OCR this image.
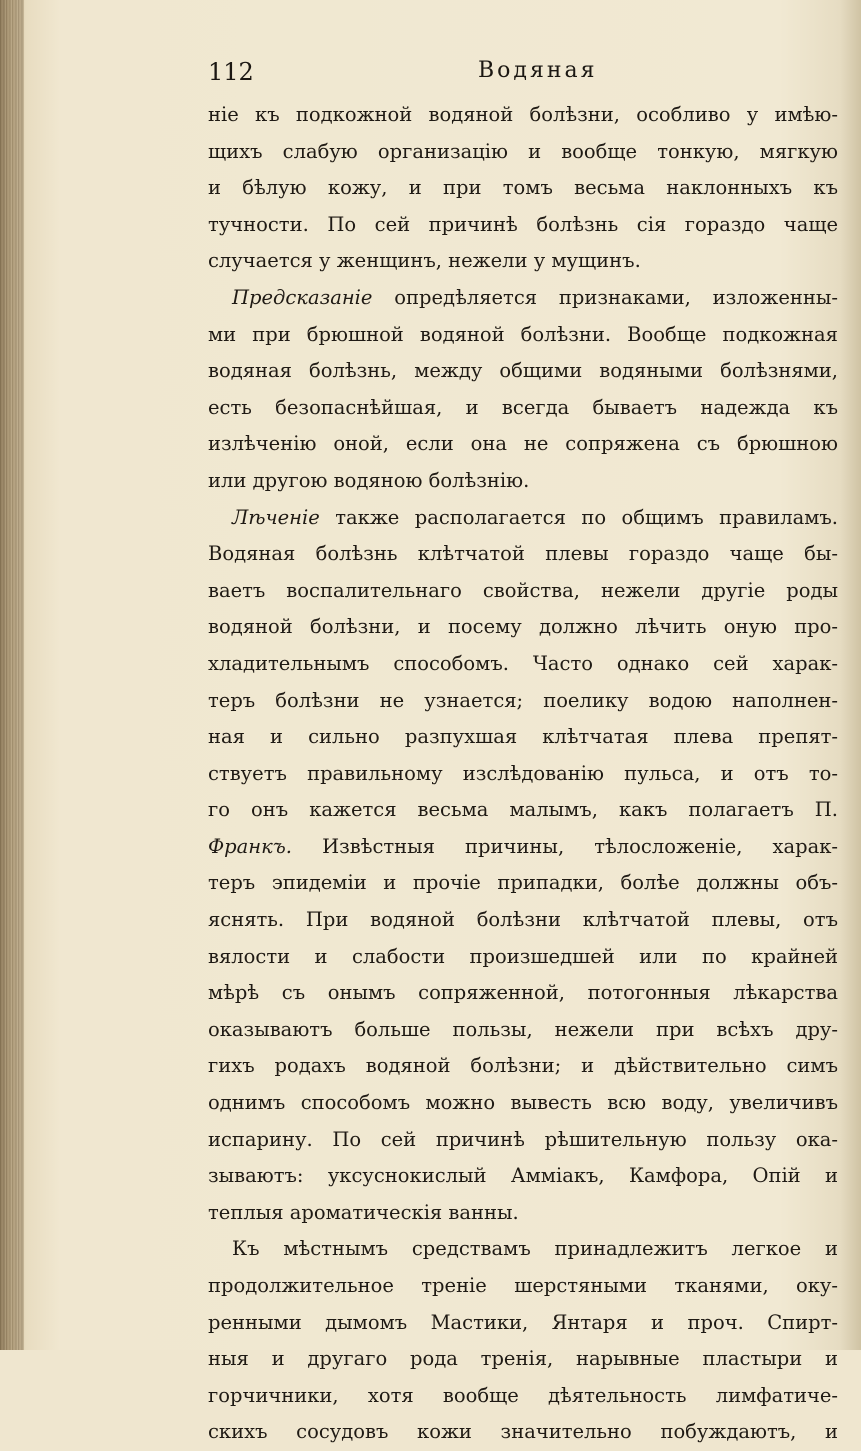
112	Водяная
ніе къ подкожной водяной болѣзни, особливо у имѣю-
щихъ слабую организацію и вообще тонкую, мягкую
и бѣлую кожу, и при томъ весьма наклонныхъ къ
тучности. По сей причинѣ болѣзнь сія гораздо чаще
случается у женщинъ, нежели у мущинъ.
Предсказаніе опредѣляется признаками, изложенны-
ми при брюшной водяной болѣзни. Вообще подкожная
водяная болѣзнь, между общими водяными болѣзнями,
есть безопаснѣйшая, и всегда бываетъ надежда къ
излѣченію оной, если она не сопряжена съ брюшною
или другою водяною болѣзнію.
Лѣченіе также располагается по общимъ правиламъ.
Водяная болѣзнь клѣтчатой плевы гораздо чаще бы-
ваетъ воспалительнаго свойства, нежели другіе роды
водяной болѣзни, и посему должно лѣчить оную про-
хладительнымъ способомъ. Часто однако сей харак-
теръ болѣзни не узнается; поелику водою наполнен-
ная и сильно разпухшая клѣтчатая плева препят-
ствуетъ правильному изслѣдованію пульса, и отъ то-
го онъ кажется весьма малымъ, какъ полагаетъ П.
Франкъ. Извѣстныя причины, тѣлосложеніе, харак-
теръ эпидеміи и прочіе припадки, болѣе должны объ-
яснять. При водяной болѣзни клѣтчатой плевы, отъ
вялости и слабости произшедшей или по крайней
мѣрѣ съ онымъ сопряженной, потогонныя лѣкарства
оказываютъ больше пользы, нежели при всѣхъ дру-
гихъ родахъ водяной болѣзни; и дѣйствительно симъ
однимъ способомъ можно вывесть всю воду, увеличивъ
испарину. По сей причинѣ рѣшительную пользу ока-
зываютъ: уксуснокислый Амміакъ, Камфора, Опій и
теплыя ароматическія ванны.
Къ мѣстнымъ средствамъ принадлежитъ легкое и
продолжительное треніе шерстяными тканями, оку-
ренными дымомъ Мастики, Янтаря и проч. Спирт-
ныя и другаго рода тренія, нарывные пластыри и
горчичники, хотя вообще дѣятельность лимфатиче-
скихъ сосудовъ кожи значительно побуждаютъ, и
